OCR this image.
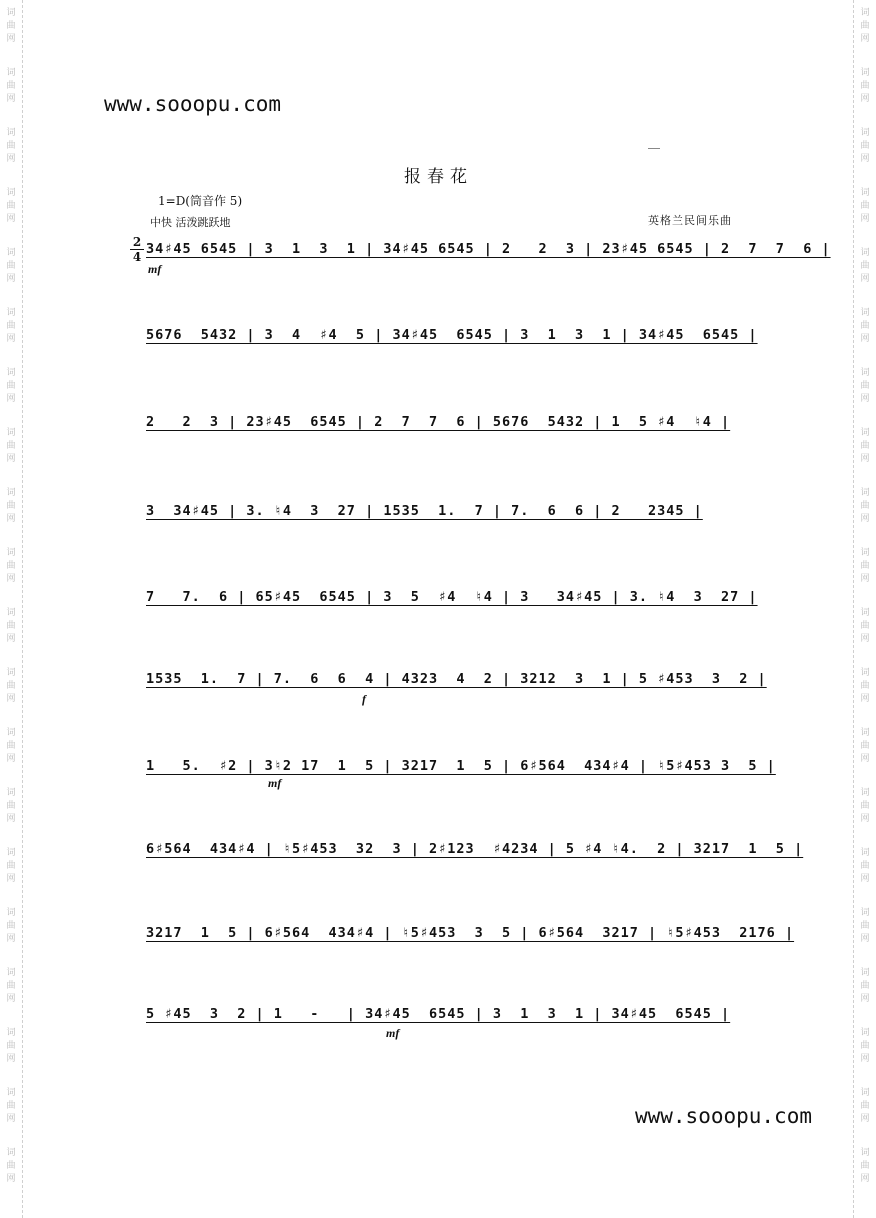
词
曲
网
词
曲
网
词
曲
网
词
曲
网
词
曲
网
词
曲
网
词
曲
网
词
曲
网
词
曲
网
词
曲
网
词
曲
网
词
曲
网
词
曲
网
词
曲
网
词
曲
网
词
曲
网
词
曲
网
词
曲
网
词
曲
网
词
曲
网
词
曲
网
词
曲
网
词
曲
网
词
曲
网
词
曲
网
词
曲
网
词
曲
网
词
曲
网
词
曲
网
词
曲
网
词
曲
网
词
曲
网
词
曲
网
词
曲
网
词
曲
网
词
曲
网
词
曲
网
词
曲
网
词
曲
网
词
曲
网
www.sooopu.com
报春花
1=D(筒音作 5)
中快 活泼跳跃地	英格兰民间乐曲
2
4 34♯45 6545 | 3  1  3  1 | 34♯45 6545 | 2   2  3 | 23♯45 6545 | 2  7  7  6 |
5676  5432 | 3  4  ♯4  5 | 34♯45  6545 | 3  1  3  1 | 34♯45  6545 |
2   2  3 | 23♯45  6545 | 2  7  7  6 | 5676  5432 | 1  5 ♯4  ♮4 |
3  34♯45 | 3. ♮4  3  27 | 1535  1.  7 | 7.  6  6 | 2   2345 |
7   7.  6 | 65♯45  6545 | 3  5  ♯4  ♮4 | 3   34♯45 | 3. ♮4  3  27 |
1535  1.  7 | 7.  6  6  4 | 4323  4  2 | 3212  3  1 | 5 ♯453  3  2 |
1   5.  ♯2 | 3♮2 17  1  5 | 3217  1  5 | 6♯564  434♯4 | ♮5♯453 3  5 |
6♯564  434♯4 | ♮5♯453  32  3 | 2♯123  ♯4234 | 5 ♯4 ♮4.  2 | 3217  1  5 |
3217  1  5 | 6♯564  434♯4 | ♮5♯453  3  5 | 6♯564  3217 | ♮5♯453  2176 |
5 ♯45  3  2 | 1   -   | 34♯45  6545 | 3  1  3  1 | 34♯45  6545 |
mf
f
mf
mf
www.sooopu.com
